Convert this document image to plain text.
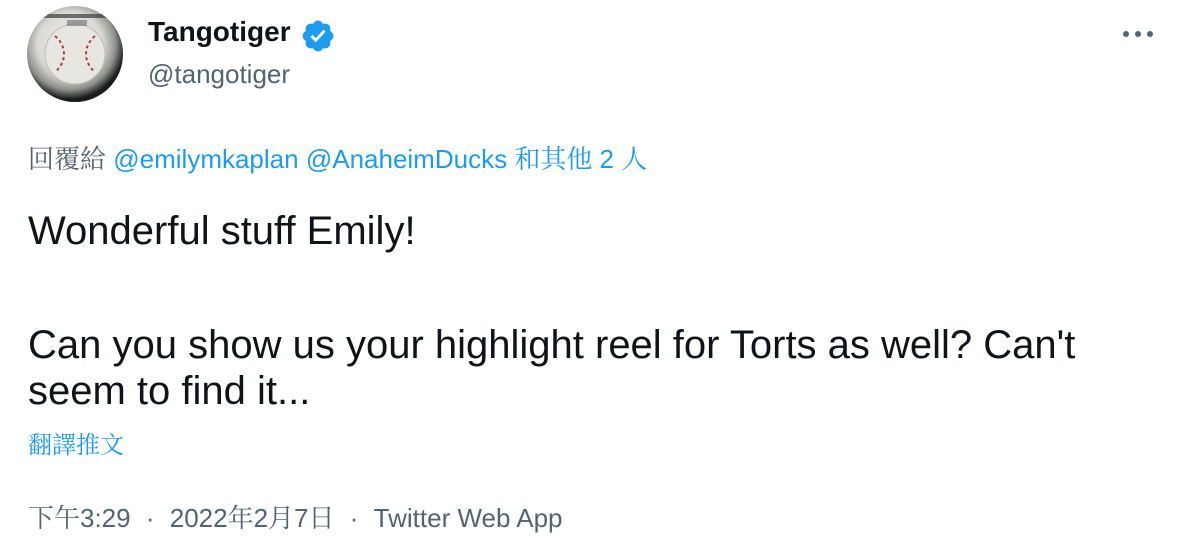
Tangotiger
@tangotiger
回覆給 @emilymkaplan @AnaheimDucks 和其他 2 人

Wonderful stuff Emily!

Can you show us your highlight reel for Torts as well? Can't seem to find it...

翻譯推文
下午3:29 · 2022年2月7日 · Twitter Web App
